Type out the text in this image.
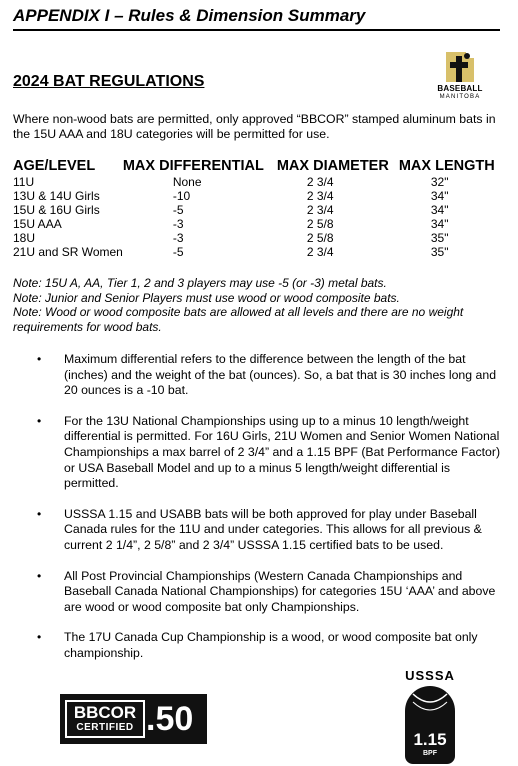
APPENDIX I – Rules & Dimension Summary
2024 BAT REGULATIONS	BASEBALL
MANITOBA
Where non-wood bats are permitted, only approved “BBCOR” stamped aluminum bats in the 15U AAA and 18U categories will be permitted for use.
AGE/LEVEL	MAX DIFFERENTIAL	MAX DIAMETER	MAX LENGTH
11U	None	2 3/4	32"
13U & 14U Girls	-10	2 3/4	34"
15U & 16U Girls	-5	2 3/4	34"
15U AAA	-3	2 5/8	34"
18U	-3	2 5/8	35"
21U and SR Women	-5	2 3/4	35"

Note: 15U A, AA, Tier 1, 2 and 3 players may use -5 (or -3) metal bats.

Note: Junior and Senior Players must use wood or wood composite bats.

Note: Wood or wood composite bats are allowed at all levels and there are no weight requirements for wood bats.

• Maximum differential refers to the difference between the length of the bat (inches) and the weight of the bat (ounces). So, a bat that is 30 inches long and 20 ounces is a -10 bat.
• For the 13U National Championships using up to a minus 10 length/weight differential is permitted. For 16U Girls, 21U Women and Senior Women National Championships a max barrel of 2 3/4” and a 1.15 BPF (Bat Performance Factor) or USA Baseball Model and up to a minus 5 length/weight differential is permitted.
• USSSA 1.15 and USABB bats will be both approved for play under Baseball Canada rules for the 11U and under categories. This allows for all previous & current 2 1/4”, 2 5/8” and 2 3/4” USSSA 1.15 certified bats to be used.
• All Post Provincial Championships (Western Canada Championships and Baseball Canada National Championships) for categories 15U ‘AAA’ and above are wood or wood composite bat only Championships.
• The 17U Canada Cup Championship is a wood, or wood composite bat only championship.
BBCOR
CERTIFIED .50
USSSA
1.15
BPF
